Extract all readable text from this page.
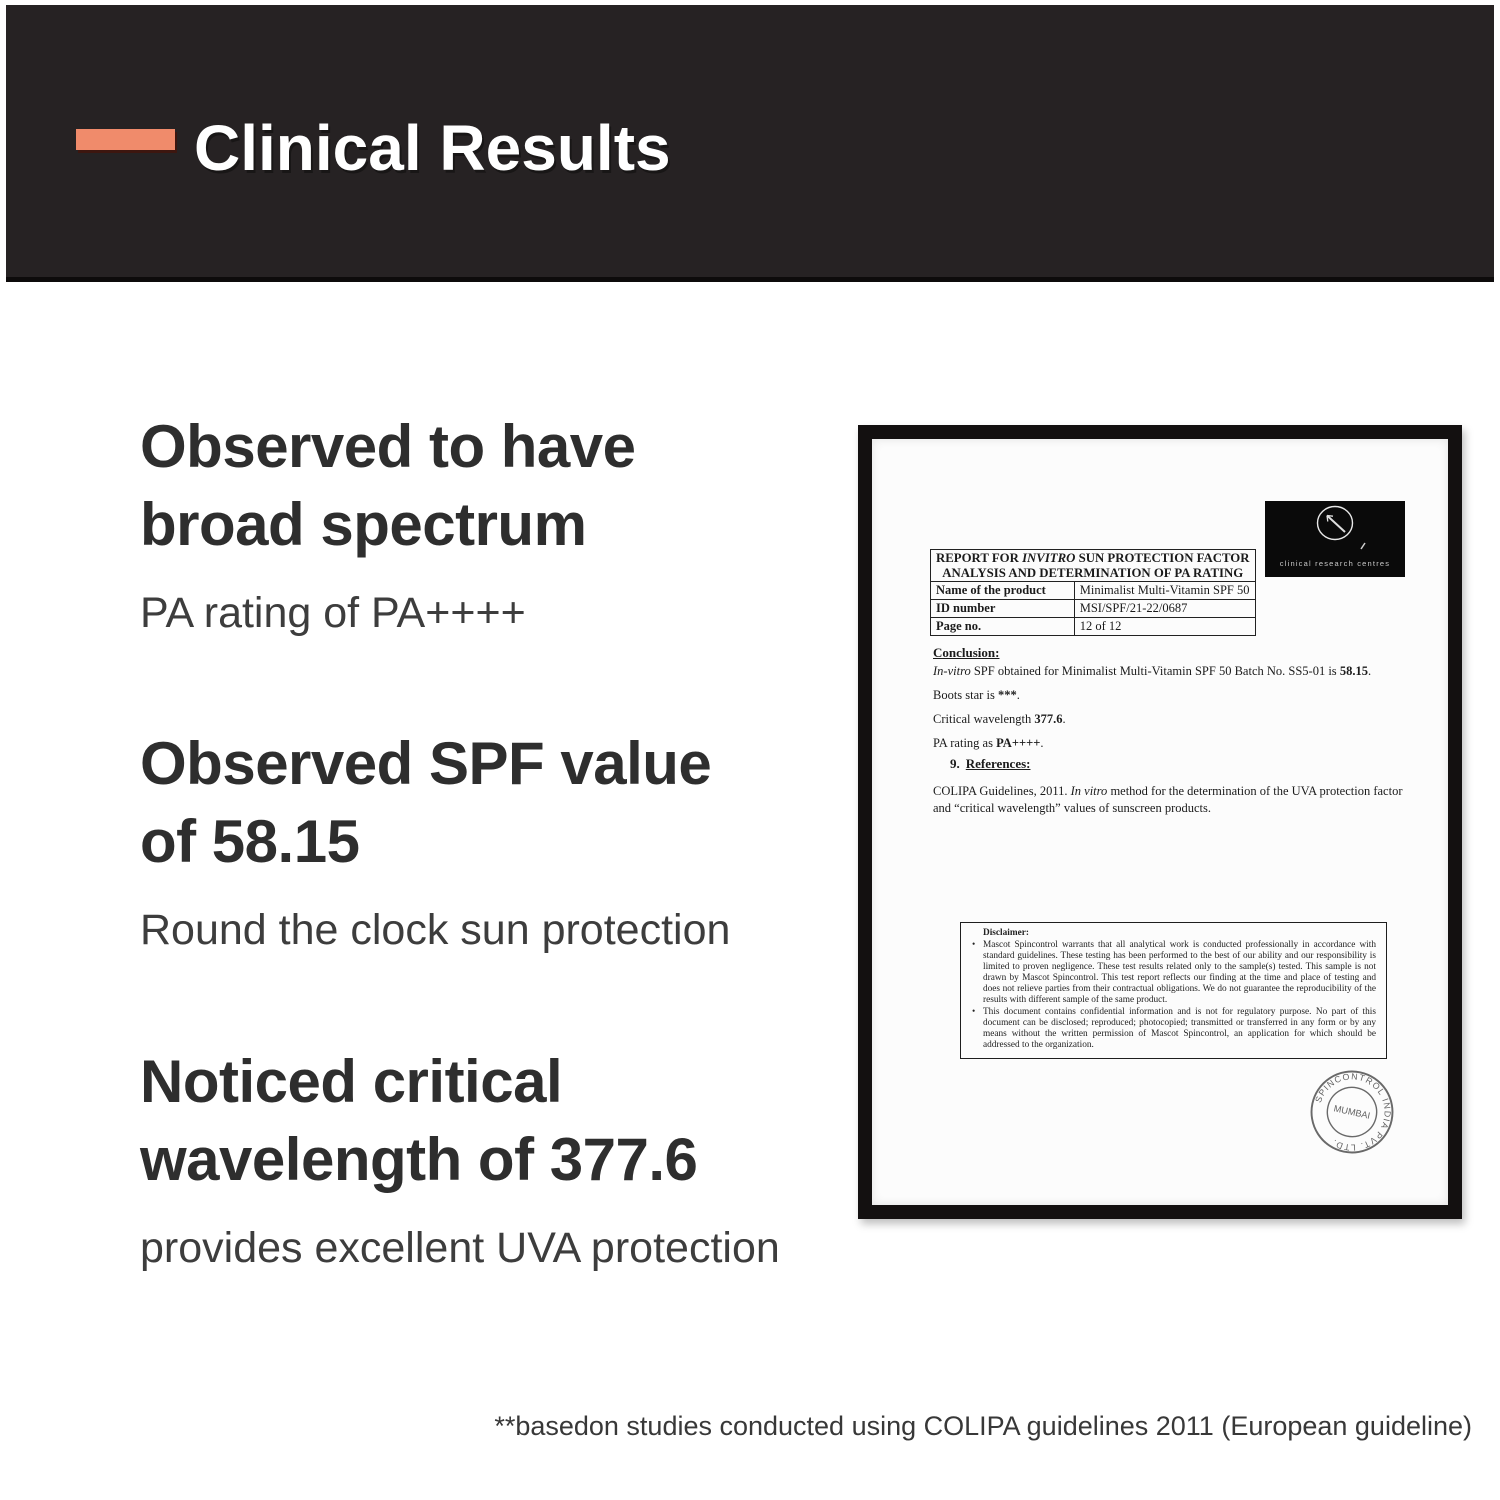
Clinical Results
Observed to have
broad spectrum
PA rating of PA++++
Observed SPF value
of 58.15
Round the clock sun protection
Noticed critical
wavelength of 377.6
provides excellent UVA protection
clinical research centres
REPORT FOR INVITRO SUN PROTECTION FACTOR
ANALYSIS AND DETERMINATION OF PA RATING	
Name of the product	Minimalist Multi-Vitamin SPF 50
ID number	MSI/SPF/21-22/0687
Page no.	12 of 12
Conclusion:
In-vitro SPF obtained for Minimalist Multi-Vitamin SPF 50 Batch No. SS5-01 is 58.15.
Boots star is ***.
Critical wavelength 377.6.
PA rating as PA++++.
9. References:
COLIPA Guidelines, 2011. In vitro method for the determination of the UVA protection factor and “critical wavelength” values of sunscreen products.
Disclaimer:
• Mascot Spincontrol warrants that all analytical work is conducted professionally in accordance with standard guidelines. These testing has been performed to the best of our ability and our responsibility is limited to proven negligence. These test results related only to the sample(s) tested. This sample is not drawn by Mascot Spincontrol. This test report reflects our finding at the time and place of testing and does not relieve parties from their contractual obligations. We do not guarantee the reproducibility of the results with different sample of the same product.
• This document contains confidential information and is not for regulatory purpose. No part of this document can be disclosed; reproduced; photocopied; transmitted or transferred in any form or by any means without the written permission of Mascot Spincontrol, an application for which should be addressed to the organization.
SPINCONTROL INDIA PVT. LTD.
MUMBAI
**basedon studies conducted using COLIPA guidelines 2011 (European guideline)
